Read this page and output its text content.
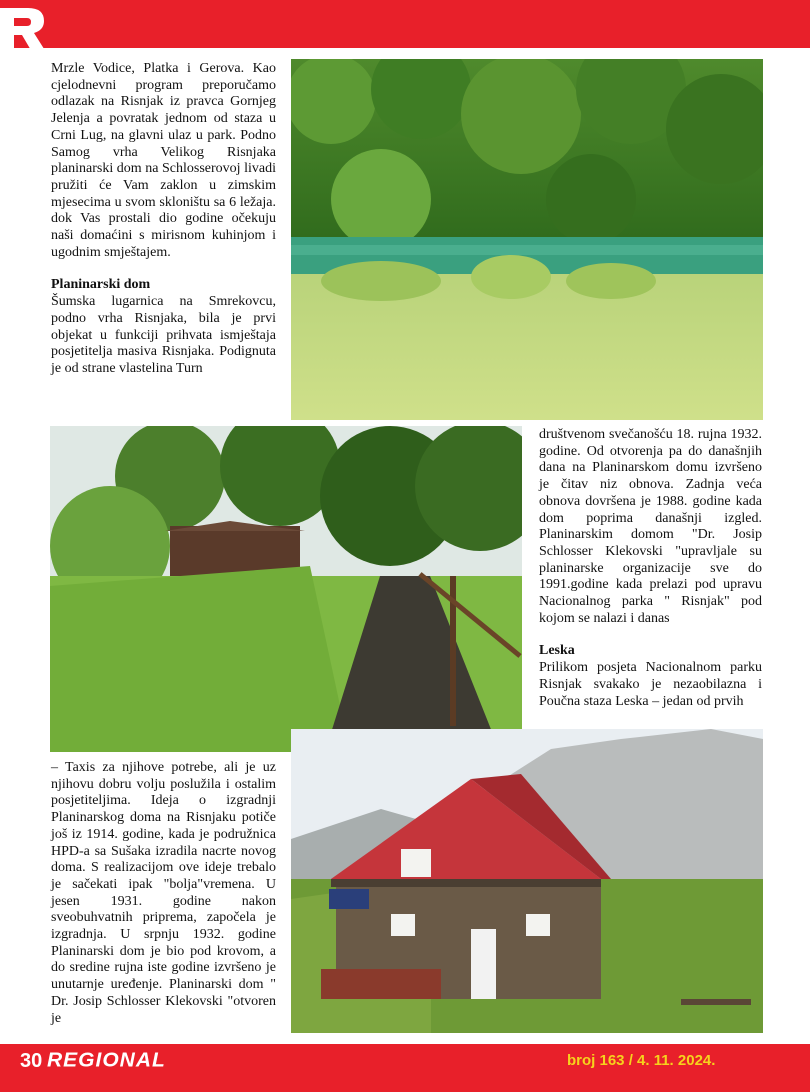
R

Mrzle Vodice, Platka i Gerova. Kao cjelodnevni program preporučamo odlazak na Risnjak iz pravca Gornjeg Jelenja a povratak jednom od staza u Crni Lug, na glavni ulaz u park. Podno Samog vrha Velikog Risnjaka planinarski dom na Schlosserovoj livadi pružiti će Vam zaklon u zimskim mjesecima u svom skloništu sa 6 ležaja. dok Vas prostali dio godine očekuju naši domaćini s mirisnom kuhinjom i ugodnim smještajem.

Planinarski dom

Šumska lugarnica na Smrekovcu, podno vrha Risnjaka, bila je prvi objekat u funkciji prihvata ismještaja posjetitelja masiva Risnjaka. Podignuta je od strane vlastelina Turn

društvenom svečanošću 18. rujna 1932. godine. Od otvorenja pa do današnjih dana na Planinarskom domu izvršeno je čitav niz obnova. Zadnja veća obnova dovršena je 1988. godine kada dom poprima današnji izgled. Planinarskim domom "Dr. Josip Schlosser Klekovski "upravljale su planinarske organizacije sve do 1991.godine kada prelazi pod upravu Nacionalnog parka " Risnjak" pod kojom se nalazi i danas

Leska

Prilikom posjeta Nacionalnom parku Risnjak svakako je nezaobilazna i Poučna staza Leska – jedan od prvih

– Taxis za njihove potrebe, ali je uz njihovu dobru volju poslužila i ostalim posjetiteljima. Ideja o izgradnji Planinarskog doma na Risnjaku potiče još iz 1914. godine, kada je podružnica HPD-a sa Sušaka izradila nacrte novog doma. S realizacijom ove ideje trebalo je sačekati ipak "bolja"vremena. U jesen 1931. godine nakon sveobuhvatnih priprema, započela je izgradnja. U srpnju 1932. godine Planinarski dom je bio pod krovom, a do sredine rujna iste godine izvršeno je unutarnje uređenje. Planinarski dom " Dr. Josip Schlosser Klekovski "otvoren je

30 REGIONAL	broj 163 / 4. 11. 2024.
